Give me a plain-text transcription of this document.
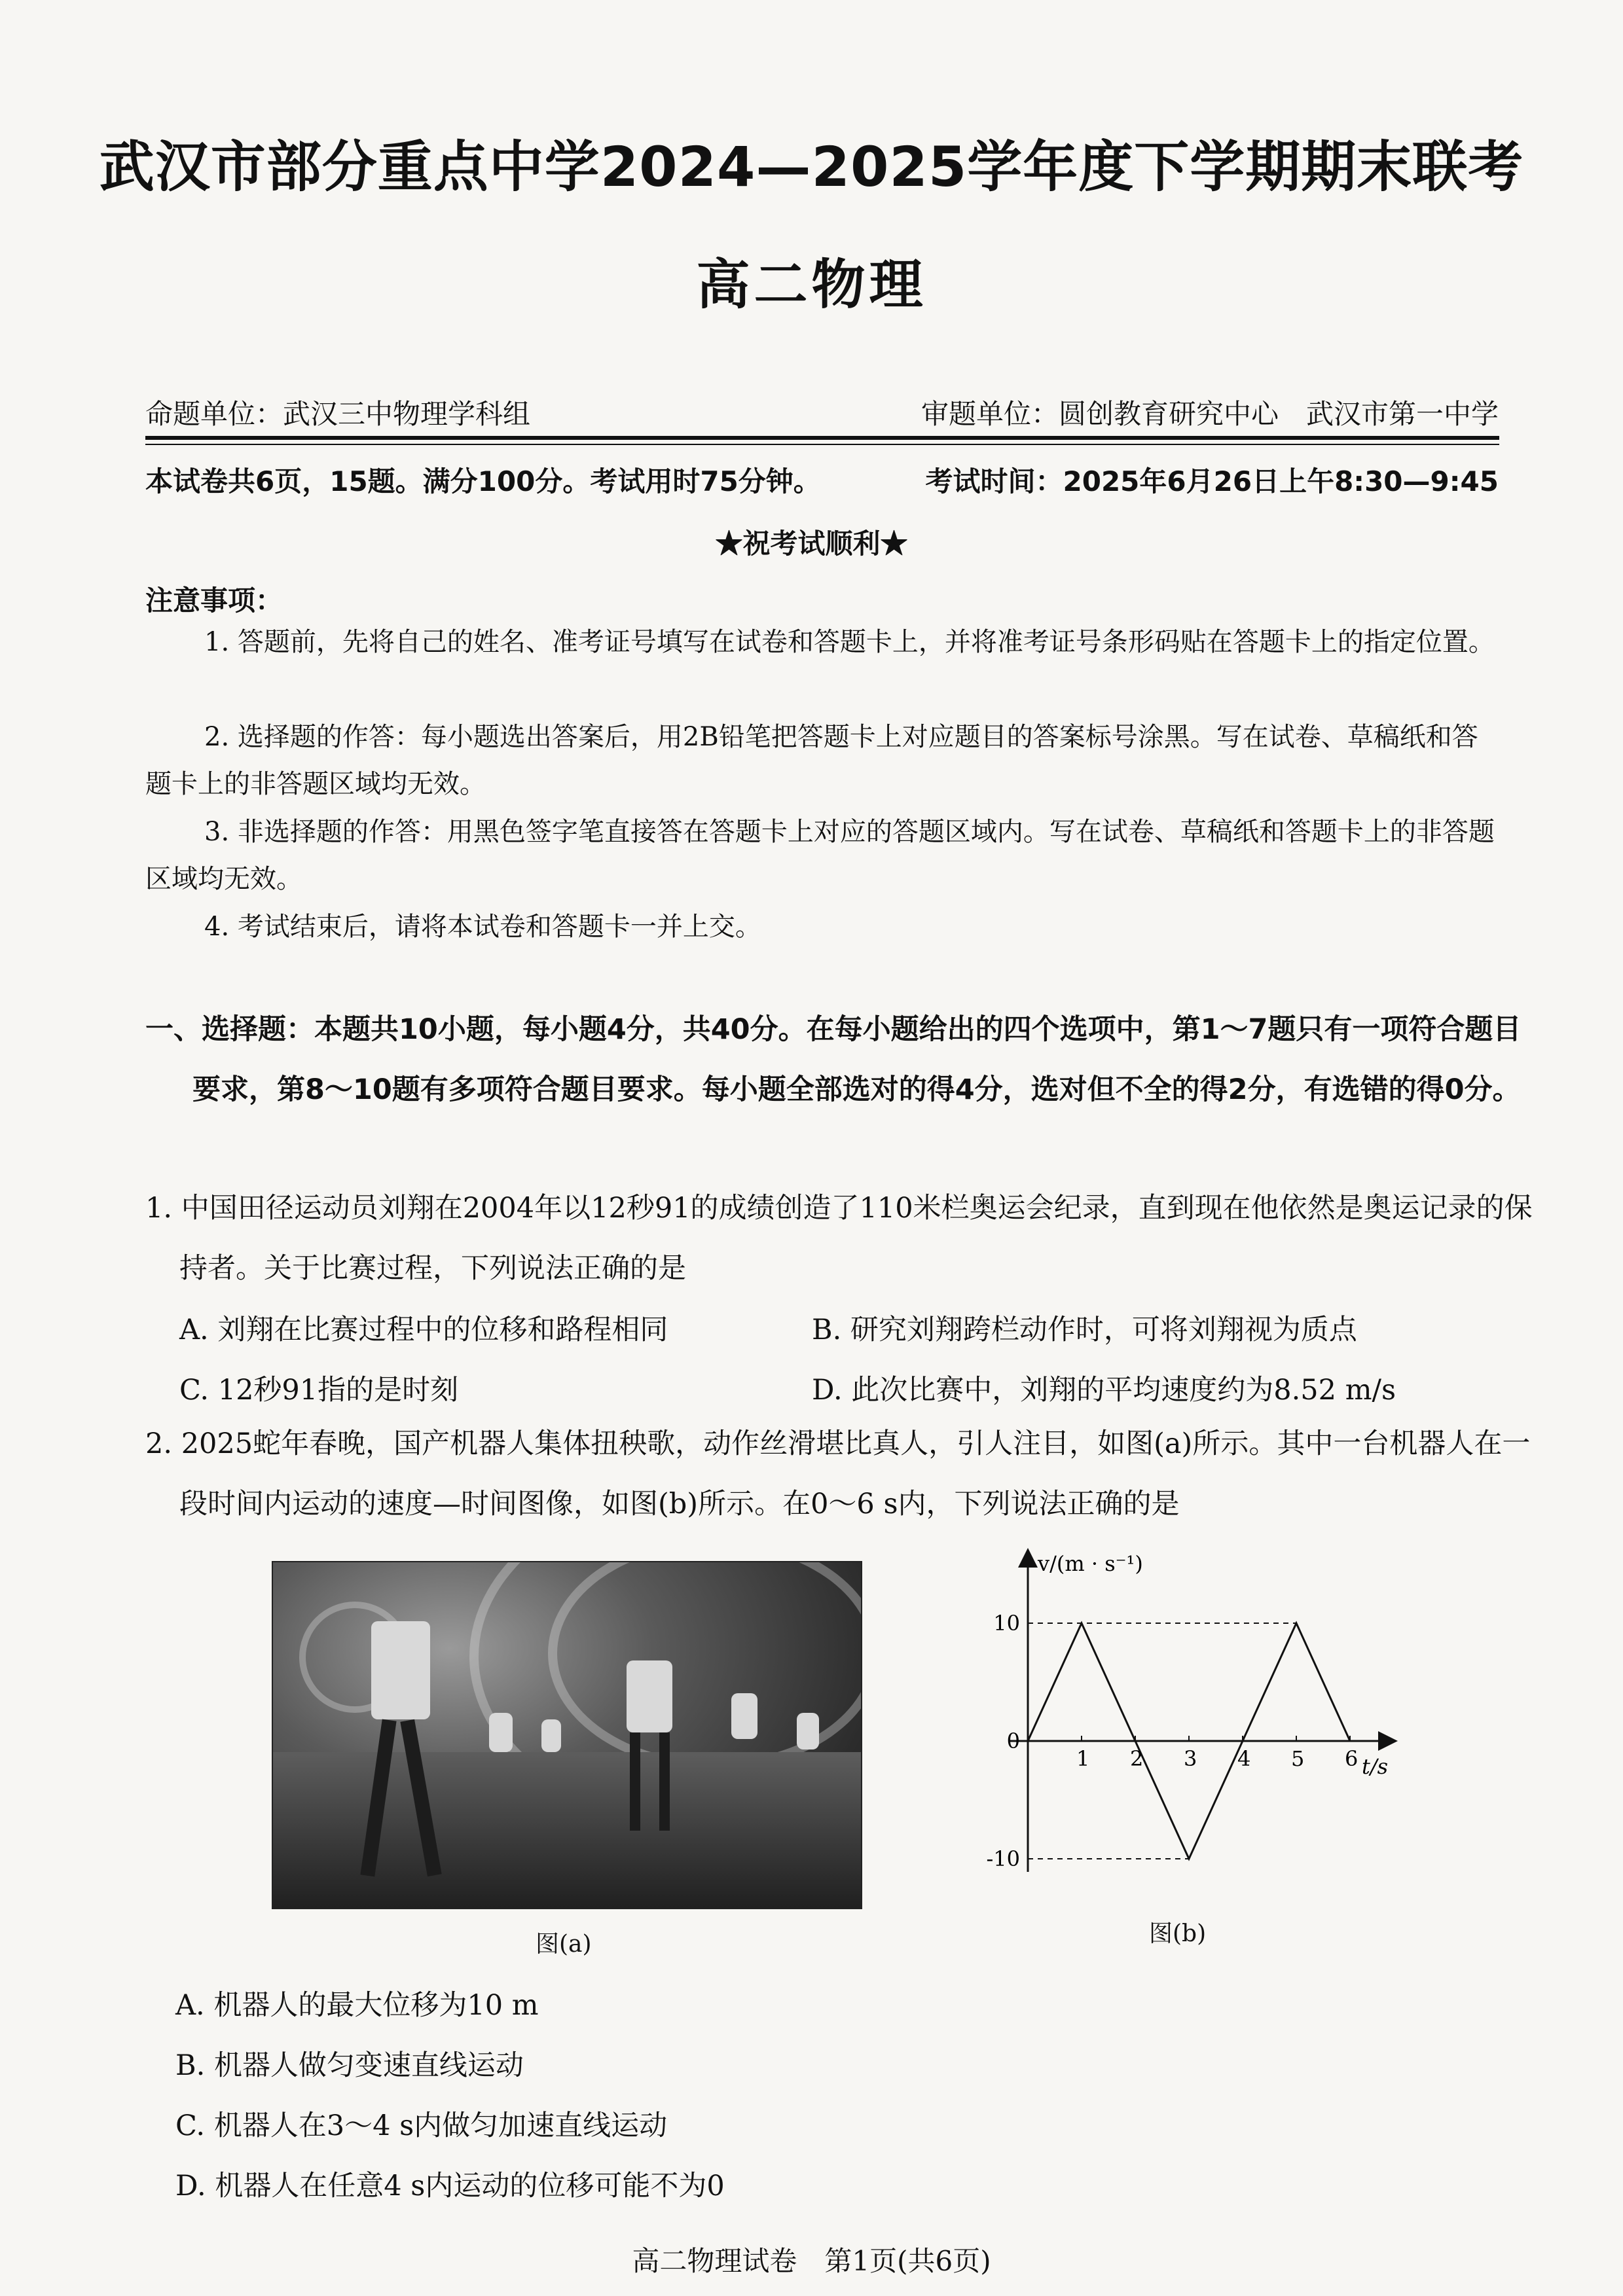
武汉市部分重点中学2024—2025学年度下学期期末联考
高二物理
命题单位：武汉三中物理学科组	审题单位：圆创教育研究中心　武汉市第一中学
本试卷共6页，15题。满分100分。考试用时75分钟。	考试时间：2025年6月26日上午8:30—9:45
★祝考试顺利★
注意事项：
1. 答题前，先将自己的姓名、准考证号填写在试卷和答题卡上，并将准考证号条形码贴在答题卡上的指定位置。
2. 选择题的作答：每小题选出答案后，用2B铅笔把答题卡上对应题目的答案标号涂黑。写在试卷、草稿纸和答题卡上的非答题区域均无效。
3. 非选择题的作答：用黑色签字笔直接答在答题卡上对应的答题区域内。写在试卷、草稿纸和答题卡上的非答题区域均无效。
4. 考试结束后，请将本试卷和答题卡一并上交。
一、选择题：本题共10小题，每小题4分，共40分。在每小题给出的四个选项中，第1～7题只有一项符合题目要求，第8～10题有多项符合题目要求。每小题全部选对的得4分，选对但不全的得2分，有选错的得0分。
1. 中国田径运动员刘翔在2004年以12秒91的成绩创造了110米栏奥运会纪录，直到现在他依然是奥运记录的保持者。关于比赛过程，下列说法正确的是
A. 刘翔在比赛过程中的位移和路程相同	B. 研究刘翔跨栏动作时，可将刘翔视为质点
C. 12秒91指的是时刻	D. 此次比赛中，刘翔的平均速度约为8.52 m/s
2. 2025蛇年春晚，国产机器人集体扭秧歌，动作丝滑堪比真人，引人注目，如图(a)所示。其中一台机器人在一段时间内运动的速度—时间图像，如图(b)所示。在0～6 s内，下列说法正确的是
图(a)
1 2 3 4 5 6
10
0
-10
v/(m · s⁻¹)
t/s
图(b)
A. 机器人的最大位移为10 m
B. 机器人做匀变速直线运动
C. 机器人在3～4 s内做匀加速直线运动
D. 机器人在任意4 s内运动的位移可能不为0
高二物理试卷　第1页(共6页)
